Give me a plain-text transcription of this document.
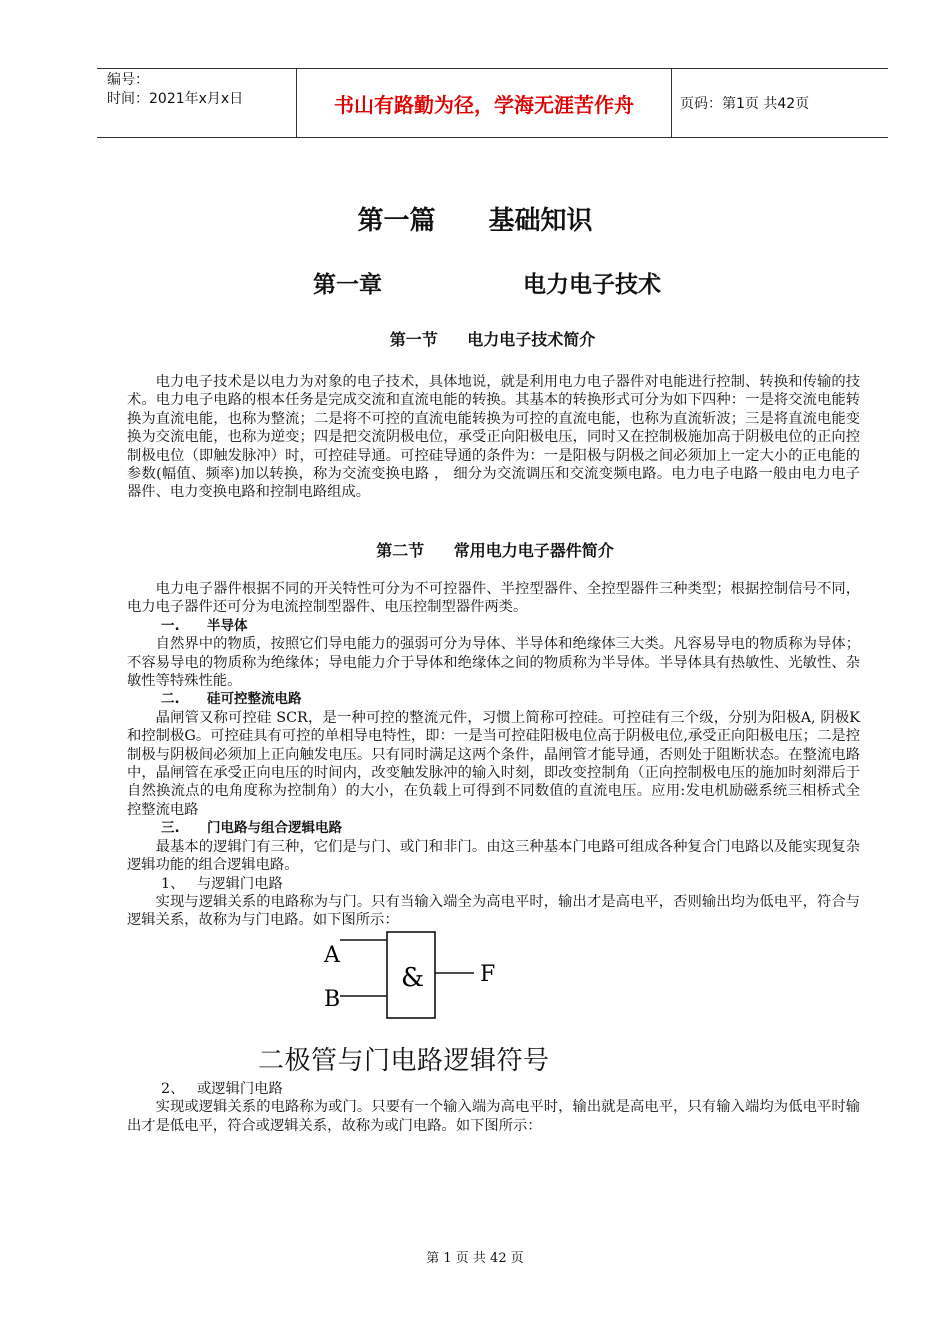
编号：
时间：2021年x月x日	书山有路勤为径，学海无涯苦作舟	页码：第1页 共42页
第一篇 基础知识
第一章	电力电子技术
第一节 电力电子技术简介
电力电子技术是以电力为对象的电子技术，具体地说，就是利用电力电子器件对电能进行控制、转换和传输的技术。电力电子电路的根本任务是完成交流和直流电能的转换。其基本的转换形式可分为如下四种：一是将交流电能转换为直流电能，也称为整流；二是将不可控的直流电能转换为可控的直流电能，也称为直流斩波；三是将直流电能变换为交流电能，也称为逆变；四是把交流阴极电位，承受正向阳极电压，同时又在控制极施加高于阴极电位的正向控制极电位（即触发脉冲）时，可控硅导通。可控硅导通的条件为：一是阳极与阴极之间必须加上一定大小的正电能的参数(幅值、频率)加以转换，称为交流变换电路 ， 细分为交流调压和交流变频电路。电力电子电路一般由电力电子器件、电力变换电路和控制电路组成。
第二节 常用电力电子器件简介
电力电子器件根据不同的开关特性可分为不可控器件、半控型器件、全控型器件三种类型；根据控制信号不同，电力电子器件还可分为电流控制型器件、电压控制型器件两类。
一. 半导体
自然界中的物质，按照它们导电能力的强弱可分为导体、半导体和绝缘体三大类。凡容易导电的物质称为导体；不容易导电的物质称为绝缘体；导电能力介于导体和绝缘体之间的物质称为半导体。半导体具有热敏性、光敏性、杂敏性等特殊性能。
二. 硅可控整流电路
晶闸管又称可控硅 SCR，是一种可控的整流元件，习惯上简称可控硅。可控硅有三个级，分别为阳极A, 阴极K和控制极G。可控硅具有可控的单相导电特性，即：一是当可控硅阳极电位高于阴极电位,承受正向阳极电压；二是控制极与阴极间必须加上正向触发电压。只有同时满足这两个条件，晶闸管才能导通，否则处于阻断状态。在整流电路中，晶闸管在承受正向电压的时间内，改变触发脉冲的输入时刻，即改变控制角（正向控制极电压的施加时刻滞后于自然换流点的电角度称为控制角）的大小，在负载上可得到不同数值的直流电压。应用:发电机励磁系统三相桥式全控整流电路
三. 门电路与组合逻辑电路
最基本的逻辑门有三种，它们是与门、或门和非门。由这三种基本门电路可组成各种复合门电路以及能实现复杂逻辑功能的组合逻辑电路。
1、 与逻辑门电路
实现与逻辑关系的电路称为与门。只有当输入端全为高电平时，输出才是高电平，否则输出均为低电平，符合与逻辑关系，故称为与门电路。如下图所示：
A
B
&	F
二极管与门电路逻辑符号
2、 或逻辑门电路
实现或逻辑关系的电路称为或门。只要有一个输入端为高电平时，输出就是高电平，只有输入端均为低电平时输出才是低电平，符合或逻辑关系，故称为或门电路。如下图所示：
第 1 页 共 42 页
